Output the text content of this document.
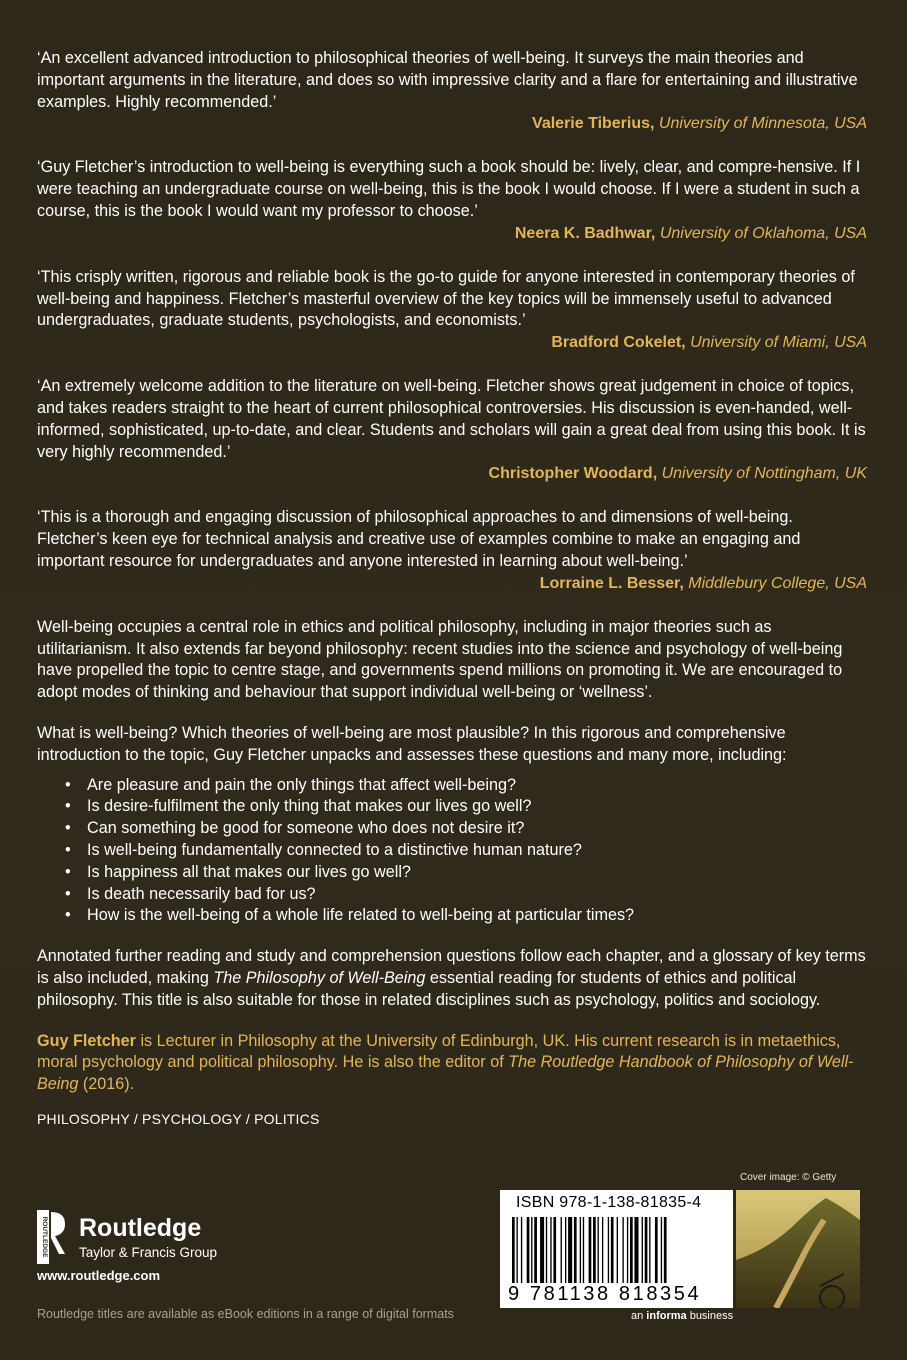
‘An excellent advanced introduction to philosophical theories of well-being. It surveys the main theories and important arguments in the literature, and does so with impressive clarity and a flare for entertaining and illustrative examples. Highly recommended.’

Valerie Tiberius, University of Minnesota, USA

‘Guy Fletcher’s introduction to well-being is everything such a book should be: lively, clear, and compre-hensive. If I were teaching an undergraduate course on well-being, this is the book I would choose. If I were a student in such a course, this is the book I would want my professor to choose.’

Neera K. Badhwar, University of Oklahoma, USA

‘This crisply written, rigorous and reliable book is the go-to guide for anyone interested in contemporary theories of well-being and happiness. Fletcher’s masterful overview of the key topics will be immensely useful to advanced undergraduates, graduate students, psychologists, and economists.’

Bradford Cokelet, University of Miami, USA

‘An extremely welcome addition to the literature on well-being. Fletcher shows great judgement in choice of topics, and takes readers straight to the heart of current philosophical controversies. His discussion is even-handed, well-informed, sophisticated, up-to-date, and clear. Students and scholars will gain a great deal from using this book. It is very highly recommended.’

Christopher Woodard, University of Nottingham, UK

‘This is a thorough and engaging discussion of philosophical approaches to and dimensions of well-being. Fletcher’s keen eye for technical analysis and creative use of examples combine to make an engaging and important resource for undergraduates and anyone interested in learning about well-being.’

Lorraine L. Besser, Middlebury College, USA

Well-being occupies a central role in ethics and political philosophy, including in major theories such as utilitarianism. It also extends far beyond philosophy: recent studies into the science and psychology of well-being have propelled the topic to centre stage, and governments spend millions on promoting it. We are encouraged to adopt modes of thinking and behaviour that support individual well-being or ‘wellness’.

What is well-being? Which theories of well-being are most plausible? In this rigorous and comprehensive introduction to the topic, Guy Fletcher unpacks and assesses these questions and many more, including:

• Are pleasure and pain the only things that affect well-being?
• Is desire-fulfilment the only thing that makes our lives go well?
• Can something be good for someone who does not desire it?
• Is well-being fundamentally connected to a distinctive human nature?
• Is happiness all that makes our lives go well?
• Is death necessarily bad for us?
• How is the well-being of a whole life related to well-being at particular times?

Annotated further reading and study and comprehension questions follow each chapter, and a glossary of key terms is also included, making The Philosophy of Well-Being essential reading for students of ethics and political philosophy. This title is also suitable for those in related disciplines such as psychology, politics and sociology.

Guy Fletcher is Lecturer in Philosophy at the University of Edinburgh, UK. His current research is in metaethics, moral psychology and political philosophy. He is also the editor of The Routledge Handbook of Philosophy of Well-Being (2016).

PHILOSOPHY / PSYCHOLOGY / POLITICS
ROUTLEDGE Routledge
Taylor & Francis Group
www.routledge.com
Routledge titles are available as eBook editions in a range of digital formats
Cover image: © Getty
ISBN 978-1-138-81835-4
9 781138 818354
an informa business
